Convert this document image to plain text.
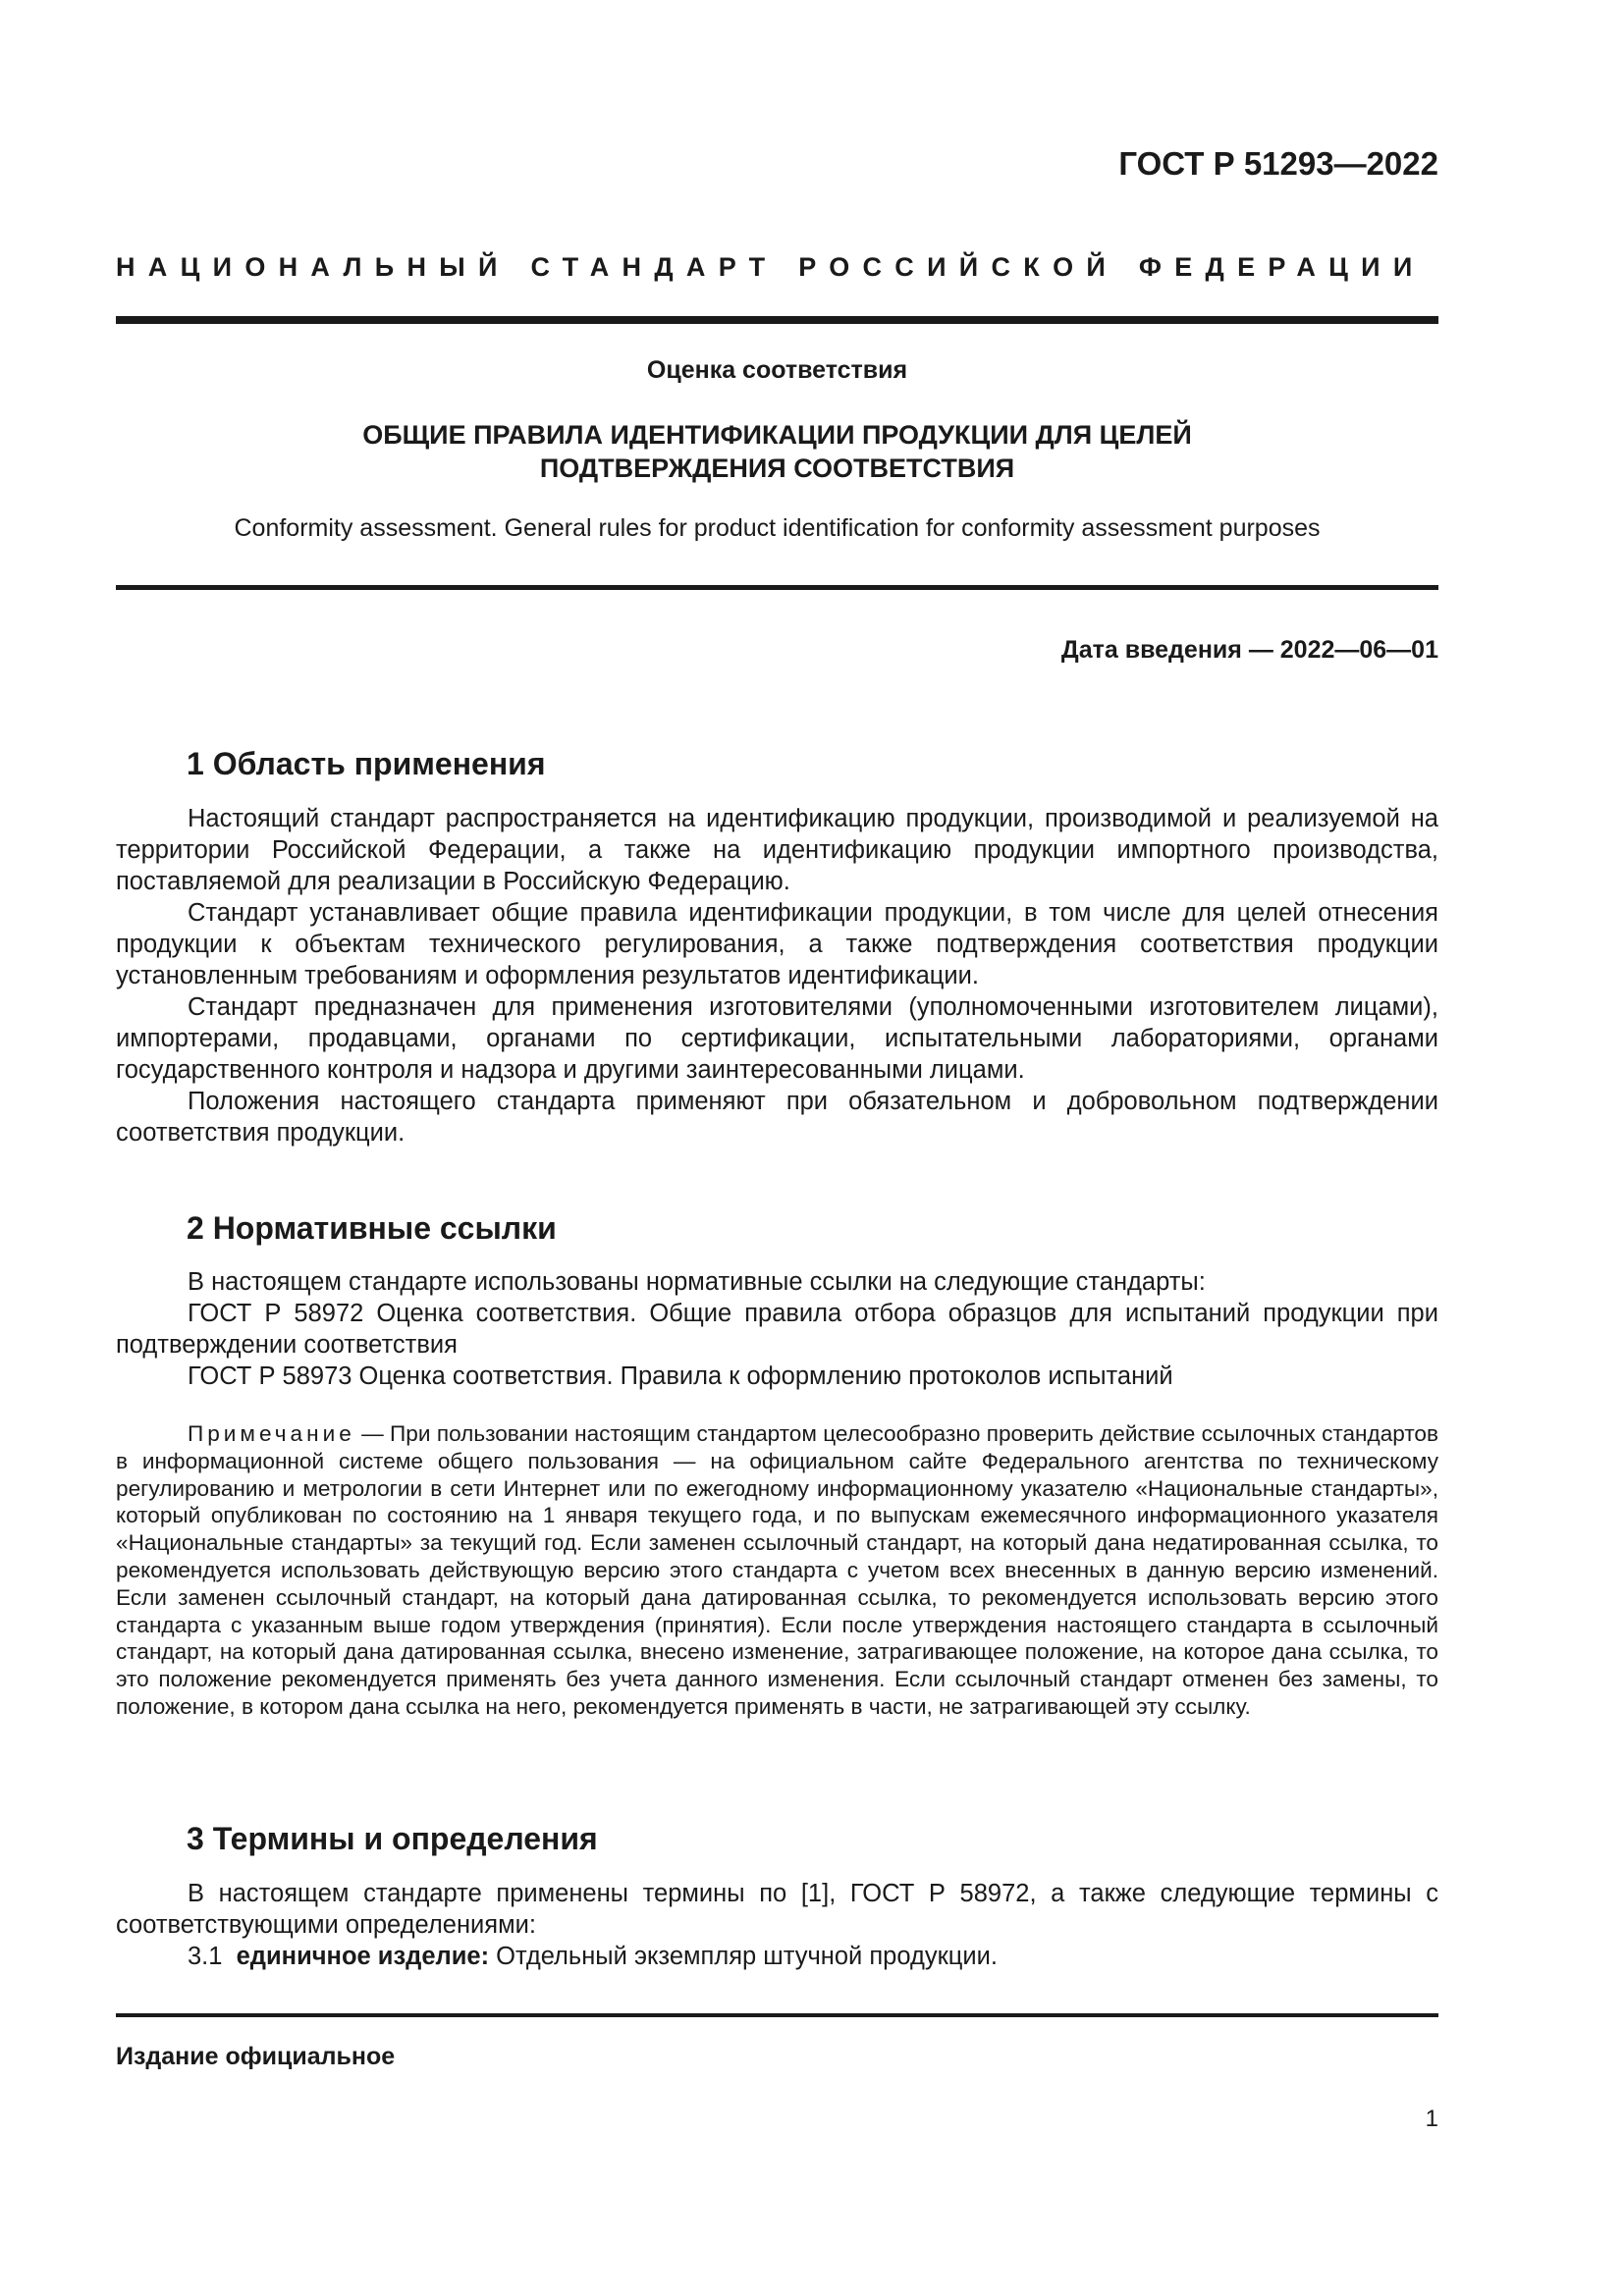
ГОСТ Р 51293—2022
НАЦИОНАЛЬНЫЙ СТАНДАРТ РОССИЙСКОЙ ФЕДЕРАЦИИ
Оценка соответствия
ОБЩИЕ ПРАВИЛА ИДЕНТИФИКАЦИИ ПРОДУКЦИИ ДЛЯ ЦЕЛЕЙ
ПОДТВЕРЖДЕНИЯ СООТВЕТСТВИЯ
Conformity assessment. General rules for product identification for conformity assessment purposes
Дата введения — 2022—06—01
1 Область применения

Настоящий стандарт распространяется на идентификацию продукции, производимой и реализуемой на территории Российской Федерации, а также на идентификацию продукции импортного производства, поставляемой для реализации в Российскую Федерацию.

Стандарт устанавливает общие правила идентификации продукции, в том числе для целей отнесения продукции к объектам технического регулирования, а также подтверждения соответствия продукции установленным требованиям и оформления результатов идентификации.

Стандарт предназначен для применения изготовителями (уполномоченными изготовителем лицами), импортерами, продавцами, органами по сертификации, испытательными лабораториями, органами государственного контроля и надзора и другими заинтересованными лицами.

Положения настоящего стандарта применяют при обязательном и добровольном подтверждении соответствия продукции.

2 Нормативные ссылки

В настоящем стандарте использованы нормативные ссылки на следующие стандарты:

ГОСТ Р 58972 Оценка соответствия. Общие правила отбора образцов для испытаний продукции при подтверждении соответствия

ГОСТ Р 58973 Оценка соответствия. Правила к оформлению протоколов испытаний

Примечание — При пользовании настоящим стандартом целесообразно проверить действие ссылочных стандартов в информационной системе общего пользования — на официальном сайте Федерального агентства по техническому регулированию и метрологии в сети Интернет или по ежегодному информационному указателю «Национальные стандарты», который опубликован по состоянию на 1 января текущего года, и по выпускам ежемесячного информационного указателя «Национальные стандарты» за текущий год. Если заменен ссылочный стандарт, на который дана недатированная ссылка, то рекомендуется использовать действующую версию этого стандарта с учетом всех внесенных в данную версию изменений. Если заменен ссылочный стандарт, на который дана датированная ссылка, то рекомендуется использовать версию этого стандарта с указанным выше годом утверждения (принятия). Если после утверждения настоящего стандарта в ссылочный стандарт, на который дана датированная ссылка, внесено изменение, затрагивающее положение, на которое дана ссылка, то это положение рекомендуется применять без учета данного изменения. Если ссылочный стандарт отменен без замены, то положение, в котором дана ссылка на него, рекомендуется применять в части, не затрагивающей эту ссылку.
3 Термины и определения

В настоящем стандарте применены термины по [1], ГОСТ Р 58972, а также следующие термины с соответствующими определениями:

3.1 единичное изделие: Отдельный экземпляр штучной продукции.

Издание официальное
1
